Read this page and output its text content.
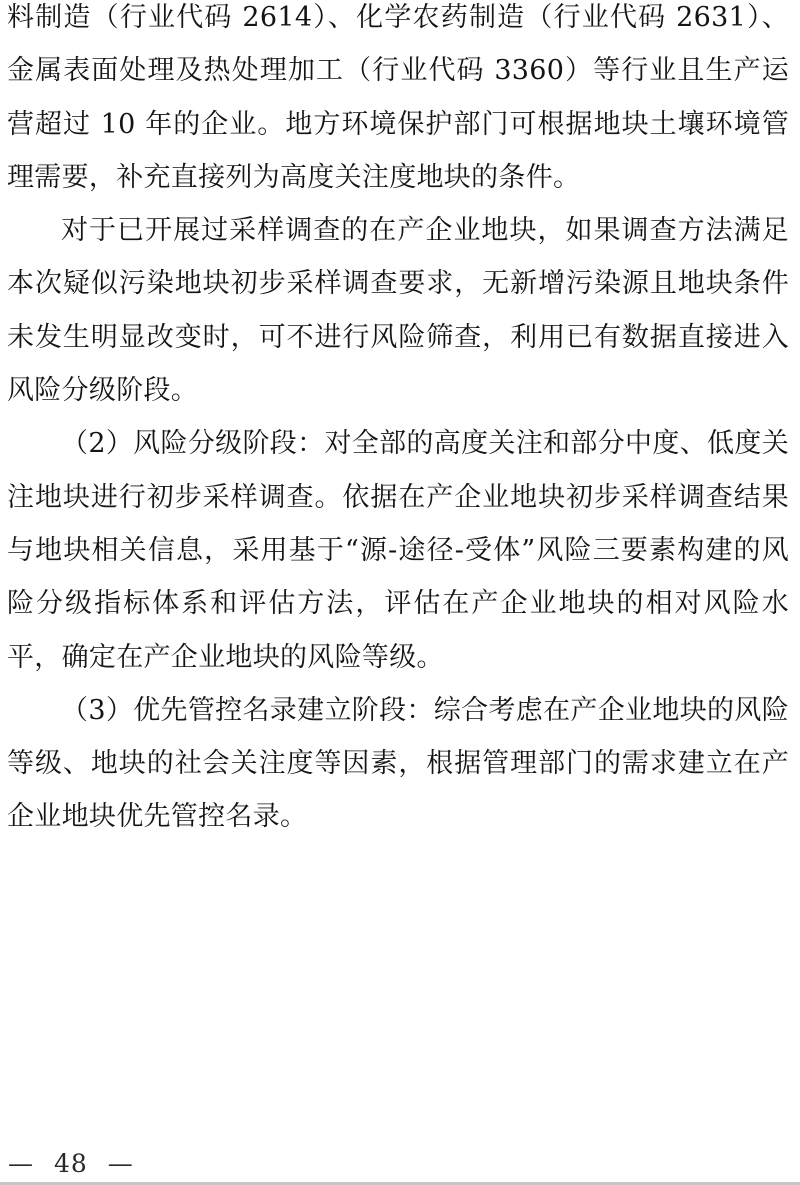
料制造（行业代码 2614）、化学农药制造（行业代码 2631）、金属表面处理及热处理加工（行业代码 3360）等行业且生产运营超过 10 年的企业。地方环境保护部门可根据地块土壤环境管理需要，补充直接列为高度关注度地块的条件。

对于已开展过采样调查的在产企业地块，如果调查方法满足本次疑似污染地块初步采样调查要求，无新增污染源且地块条件未发生明显改变时，可不进行风险筛查，利用已有数据直接进入风险分级阶段。

（2）风险分级阶段：对全部的高度关注和部分中度、低度关注地块进行初步采样调查。依据在产企业地块初步采样调查结果与地块相关信息，采用基于“源-途径-受体”风险三要素构建的风险分级指标体系和评估方法，评估在产企业地块的相对风险水平，确定在产企业地块的风险等级。

（3）优先管控名录建立阶段：综合考虑在产企业地块的风险等级、地块的社会关注度等因素，根据管理部门的需求建立在产企业地块优先管控名录。

— 48 —
